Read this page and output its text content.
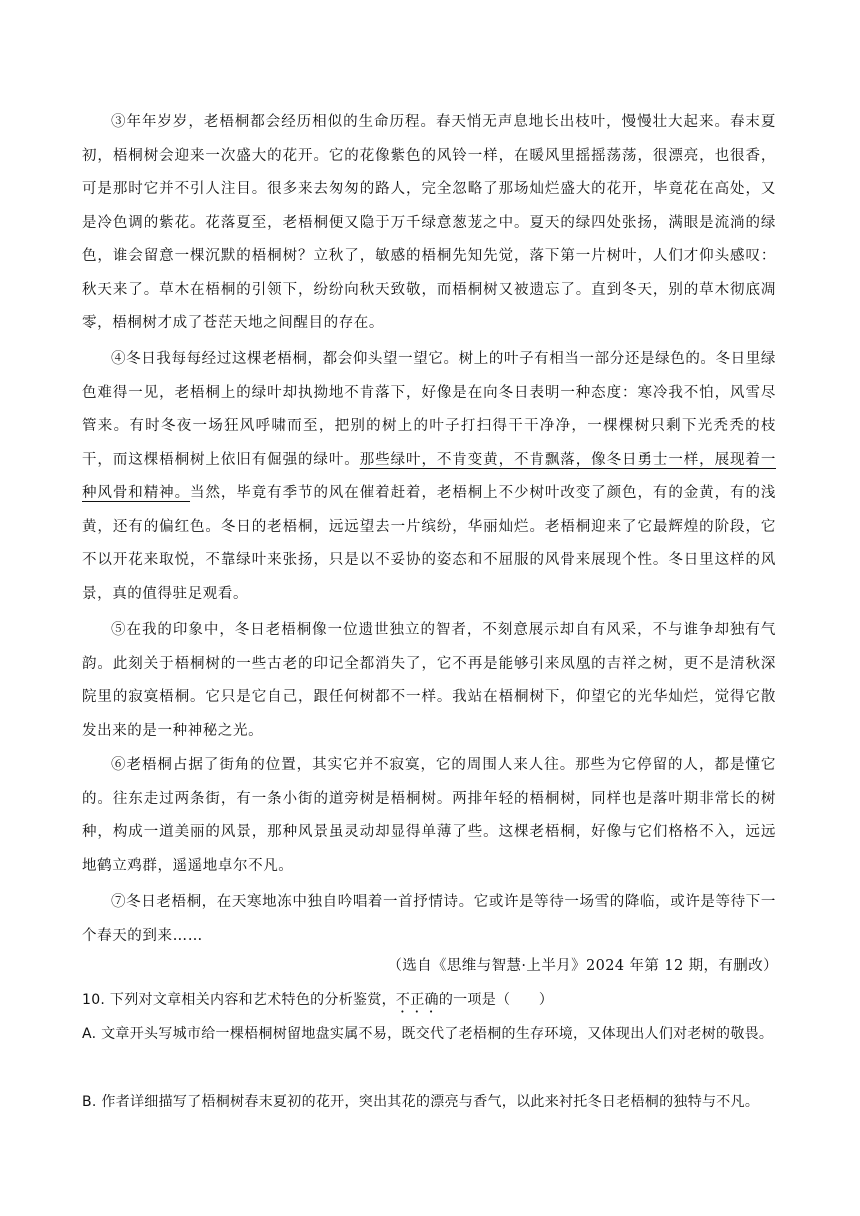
③年年岁岁，老梧桐都会经历相似的生命历程。春天悄无声息地长出枝叶，慢慢壮大起来。春末夏初，梧桐树会迎来一次盛大的花开。它的花像紫色的风铃一样，在暖风里摇摇荡荡，很漂亮，也很香，可是那时它并不引人注目。很多来去匆匆的路人，完全忽略了那场灿烂盛大的花开，毕竟花在高处，又是冷色调的紫花。花落夏至，老梧桐便又隐于万千绿意葱茏之中。夏天的绿四处张扬，满眼是流淌的绿色，谁会留意一棵沉默的梧桐树？立秋了，敏感的梧桐先知先觉，落下第一片树叶，人们才仰头感叹：秋天来了。草木在梧桐的引领下，纷纷向秋天致敬，而梧桐树又被遗忘了。直到冬天，别的草木彻底凋零，梧桐树才成了苍茫天地之间醒目的存在。

④冬日我每每经过这棵老梧桐，都会仰头望一望它。树上的叶子有相当一部分还是绿色的。冬日里绿色难得一见，老梧桐上的绿叶却执拗地不肯落下，好像是在向冬日表明一种态度：寒冷我不怕，风雪尽管来。有时冬夜一场狂风呼啸而至，把别的树上的叶子打扫得干干净净，一棵棵树只剩下光秃秃的枝干，而这棵梧桐树上依旧有倔强的绿叶。那些绿叶，不肯变黄，不肯飘落，像冬日勇士一样，展现着一种风骨和精神。当然，毕竟有季节的风在催着赶着，老梧桐上不少树叶改变了颜色，有的金黄，有的浅黄，还有的偏红色。冬日的老梧桐，远远望去一片缤纷，华丽灿烂。老梧桐迎来了它最辉煌的阶段，它不以开花来取悦，不靠绿叶来张扬，只是以不妥协的姿态和不屈服的风骨来展现个性。冬日里这样的风景，真的值得驻足观看。

⑤在我的印象中，冬日老梧桐像一位遗世独立的智者，不刻意展示却自有风采，不与谁争却独有气韵。此刻关于梧桐树的一些古老的印记全都消失了，它不再是能够引来凤凰的吉祥之树，更不是清秋深院里的寂寞梧桐。它只是它自己，跟任何树都不一样。我站在梧桐树下，仰望它的光华灿烂，觉得它散发出来的是一种神秘之光。

⑥老梧桐占据了街角的位置，其实它并不寂寞，它的周围人来人往。那些为它停留的人，都是懂它的。往东走过两条街，有一条小街的道旁树是梧桐树。两排年轻的梧桐树，同样也是落叶期非常长的树种，构成一道美丽的风景，那种风景虽灵动却显得单薄了些。这棵老梧桐，好像与它们格格不入，远远地鹤立鸡群，遥遥地卓尔不凡。

⑦冬日老梧桐，在天寒地冻中独自吟唱着一首抒情诗。它或许是等待一场雪的降临，或许是等待下一个春天的到来……

（选自《思维与智慧·上半月》2024 年第 12 期，有删改）

10. 下列对文章相关内容和艺术特色的分析鉴赏，不正确的一项是（　　）

A. 文章开头写城市给一棵梧桐树留地盘实属不易，既交代了老梧桐的生存环境，又体现出人们对老树的敬畏。

B. 作者详细描写了梧桐树春末夏初的花开，突出其花的漂亮与香气，以此来衬托冬日老梧桐的独特与不凡。
